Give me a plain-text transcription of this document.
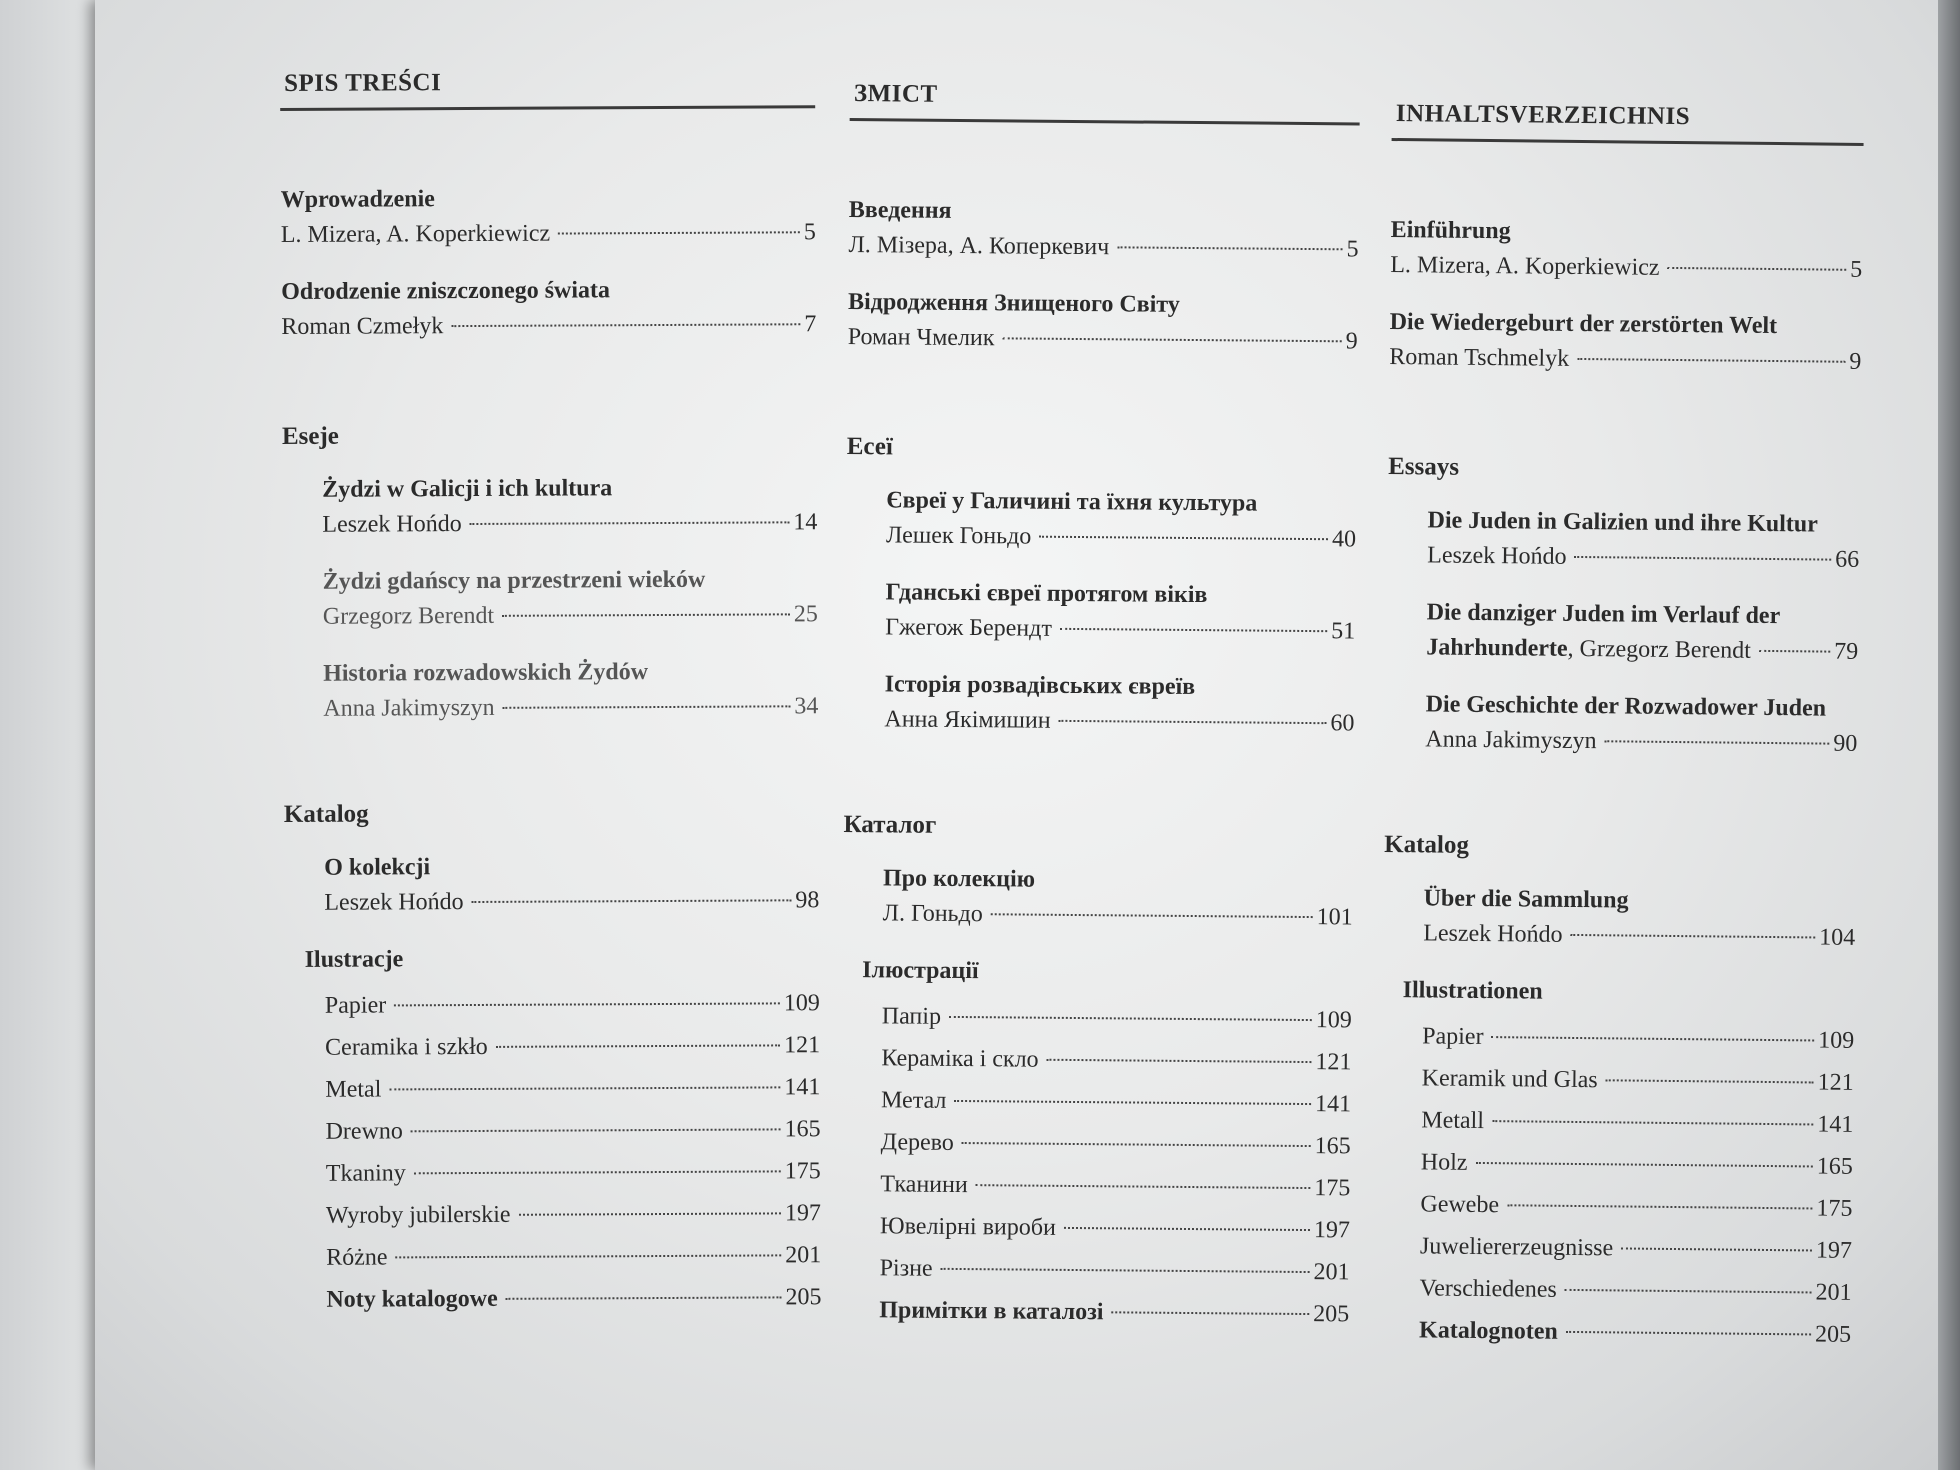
SPIS TREŚCI
Wprowadzenie
L. Mizera, A. Koperkiewicz	5
Odrodzenie zniszczonego świata
Roman Czmełyk	7
Eseje
Żydzi w Galicji i ich kultura
Leszek Hońdo	14
Żydzi gdańscy na przestrzeni wieków
Grzegorz Berendt	25
Historia rozwadowskich Żydów
Anna Jakimyszyn	34
Katalog
O kolekcji
Leszek Hońdo	98
Ilustracje
Papier	109
Ceramika i szkło	121
Metal	141
Drewno	165
Tkaniny	175
Wyroby jubilerskie	197
Różne	201
Noty katalogowe	205
ЗМІСТ
Введення
Л. Мізера, А. Коперкевич	5
Відродження Знищеного Світу
Роман Чмелик	9
Есеї
Євреї у Галичині та їхня культура
Лешек Гоньдо	40
Гданські євреї протягом віків
Гжегож Берендт	51
Історія розвадівських євреїв
Анна Якімишин	60
Каталог
Про колекцію
Л. Гоньдо	101
Ілюстрації
Папір	109
Кераміка і скло	121
Метал	141
Дерево	165
Тканини	175
Ювелірні вироби	197
Різне	201
Примітки в каталозі	205
INHALTSVERZEICHNIS
Einführung
L. Mizera, A. Koperkiewicz	5
Die Wiedergeburt der zerstörten Welt
Roman Tschmelyk	9
Essays
Die Juden in Galizien und ihre Kultur
Leszek Hońdo	66
Die danziger Juden im Verlauf der
Jahrhunderte , Grzegorz Berendt	79
Die Geschichte der Rozwadower Juden
Anna Jakimyszyn	90
Katalog
Über die Sammlung
Leszek Hońdo	104
Illustrationen
Papier	109
Keramik und Glas	121
Metall	141
Holz	165
Gewebe	175
Juweliererzeugnisse	197
Verschiedenes	201
Katalognoten	205
